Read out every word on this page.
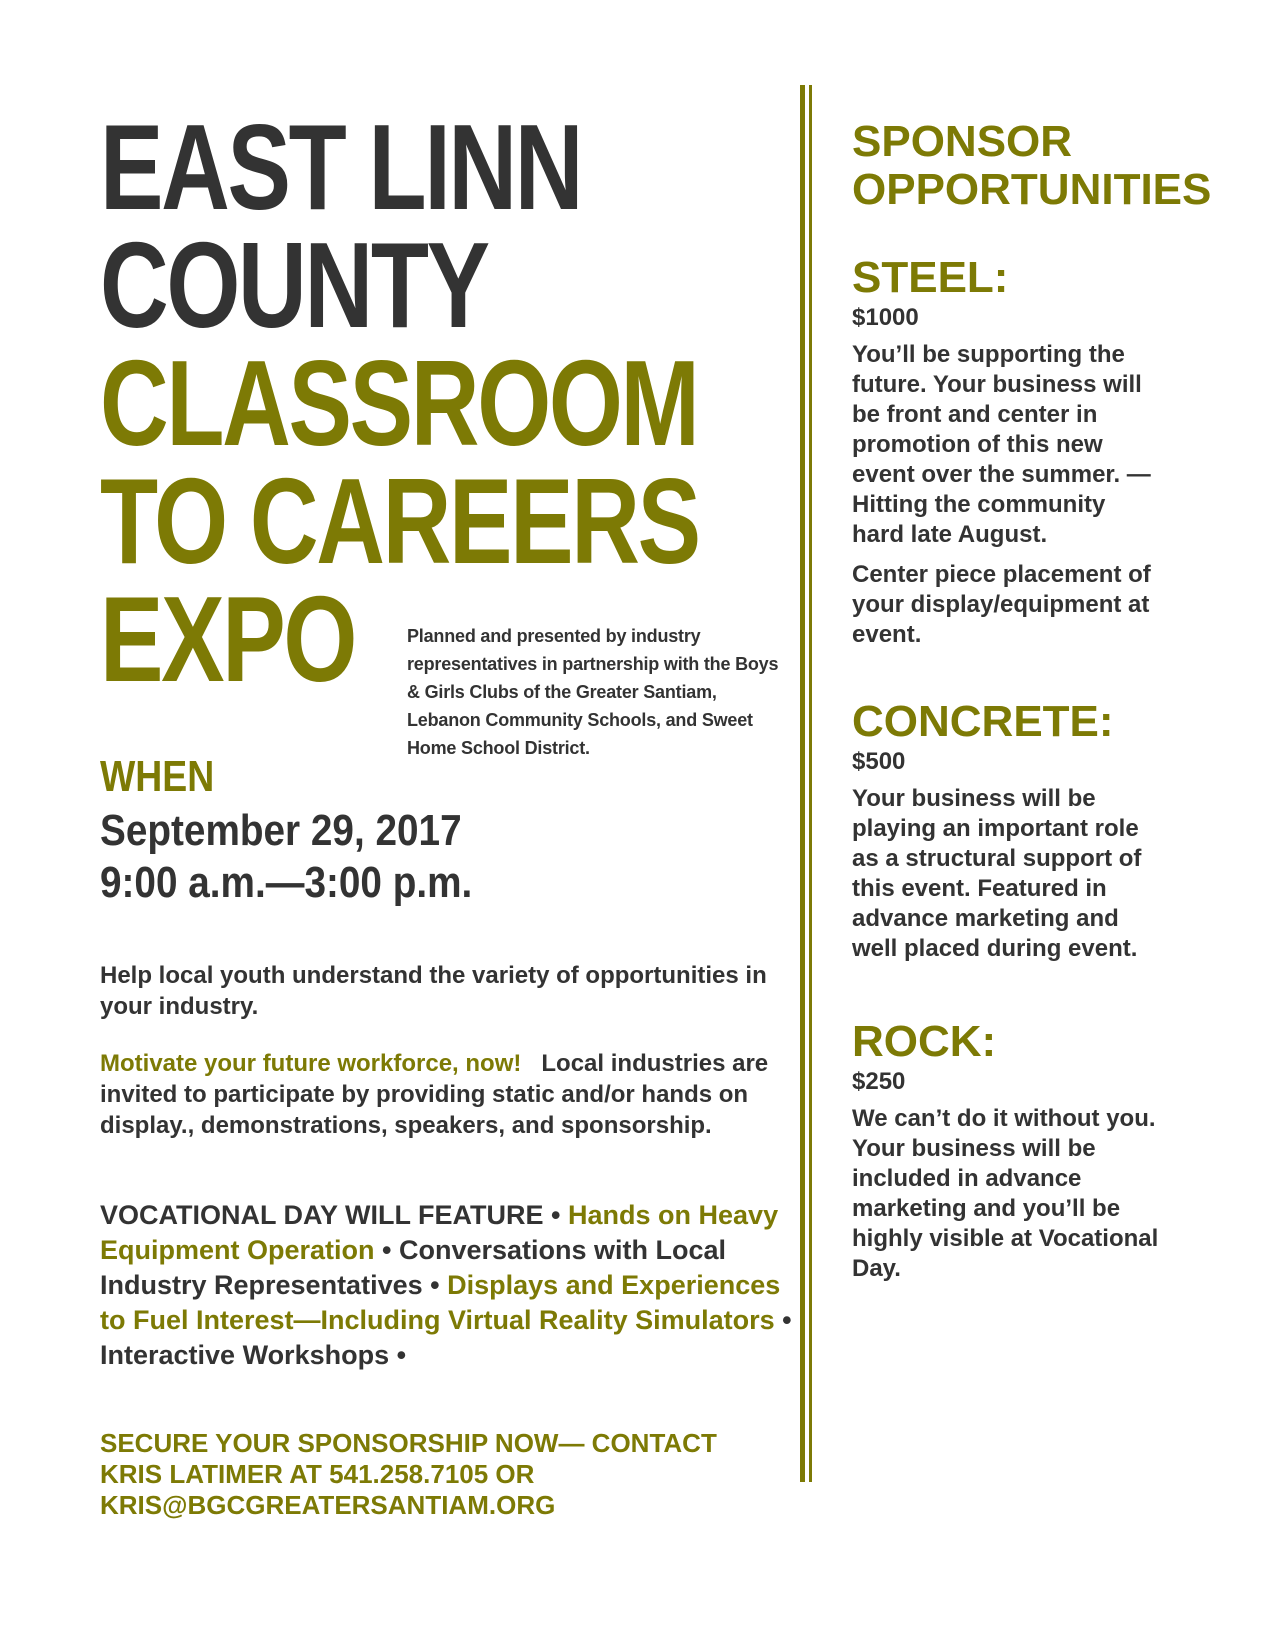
EAST LINN
COUNTY
CLASSROOM
TO CAREERS
EXPO	Planned and presented by industry representatives in partnership with the Boys & Girls Clubs of the Greater Santiam, Lebanon Community Schools, and Sweet Home School District.

WHEN

September 29, 2017

9:00 a.m.—3:00 p.m.

Help local youth understand the variety of opportunities in your industry.

Motivate your future workforce, now! Local industries are invited to participate by providing static and/or hands on display., demonstrations, speakers, and sponsorship.

VOCATIONAL DAY WILL FEATURE • Hands on Heavy Equipment Operation • Conversations with Local Industry Representatives • Displays and Experiences to Fuel Interest—Including Virtual Reality Simulators • Interactive Workshops •

SECURE YOUR SPONSORSHIP NOW— CONTACT
KRIS LATIMER AT 541.258.7105 OR
KRIS@BGCGREATERSANTIAM.ORG
SPONSOR
OPPORTUNITIES
STEEL:

$1000

You’ll be supporting the future. Your business will be front and center in promotion of this new event over the summer. —Hitting the community hard late August.

Center piece placement of your display/equipment at event.

CONCRETE:

$500

Your business will be playing an important role as a structural support of this event. Featured in advance marketing and well placed during event.

ROCK:

$250

We can’t do it without you. Your business will be included in advance marketing and you’ll be highly visible at Vocational Day.
